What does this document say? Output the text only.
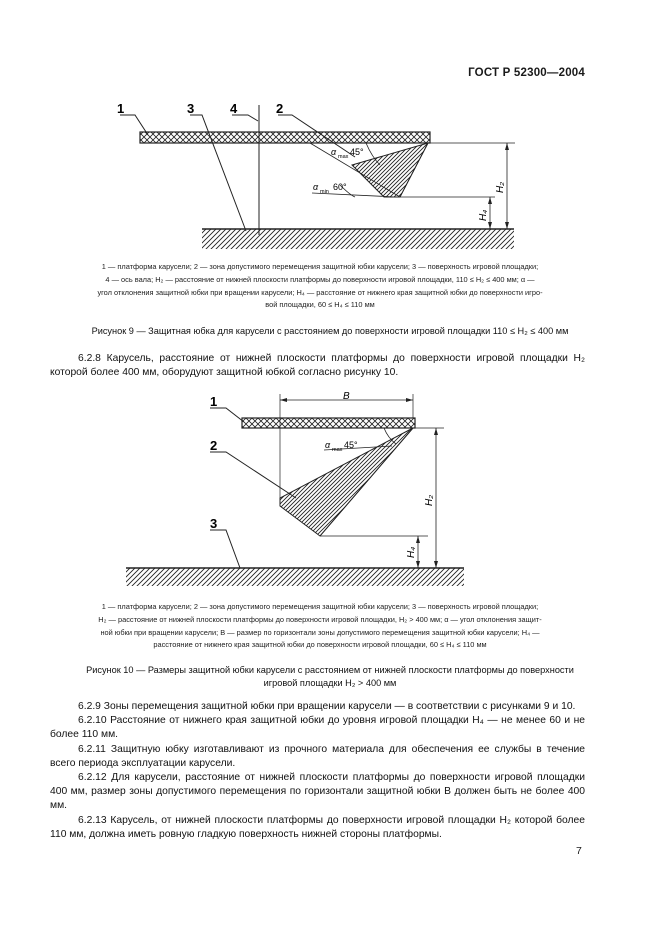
ГОСТ Р 52300—2004
α max 45°
α min 60°	H₂
H₄
1	3	4	2
1 — платформа карусели; 2 — зона допустимого перемещения защитной юбки карусели; 3 — поверхность игровой площадки;
4 — ось вала; H₂ — расстояние от нижней плоскости платформы до поверхности игровой площадки, 110 ≤ H₂ ≤ 400 мм; α —
угол отклонения защитной юбки при вращении карусели; H₄ — расстояние от нижнего края защитной юбки до поверхности игро-
вой площадки, 60 ≤ H₄ ≤ 110 мм
Рисунок 9 — Защитная юбка для карусели с расстоянием до поверхности игровой площадки 110 ≤ H₂ ≤ 400 мм

6.2.8 Карусель, расстояние от нижней плоскости платформы до поверхности игровой площадки H₂ которой более 400 мм, оборудуют защитной юбкой согласно рисунку 10.

B
α max 45°
H₂
H₄
1
2
3
1 — платформа карусели; 2 — зона допустимого перемещения защитной юбки карусели; 3 — поверхность игровой площадки;
H₂ — расстояние от нижней плоскости платформы до поверхности игровой площадки, H₂ > 400 мм; α — угол отклонения защит-
ной юбки при вращении карусели; B — размер по горизонтали зоны допустимого перемещения защитной юбки карусели; H₄ —
расстояние от нижнего края защитной юбки до поверхности игровой площадки, 60 ≤ H₄ ≤ 110 мм
Рисунок 10 — Размеры защитной юбки карусели с расстоянием от нижней плоскости платформы до поверхности
игровой площадки H₂ > 400 мм

6.2.9 Зоны перемещения защитной юбки при вращении карусели — в соответствии с рисунками 9 и 10.

6.2.10 Расстояние от нижнего края защитной юбки до уровня игровой площадки H₄ — не менее 60 и не более 110 мм.

6.2.11 Защитную юбку изготавливают из прочного материала для обеспечения ее службы в течение всего периода эксплуатации карусели.

6.2.12 Для карусели, расстояние от нижней плоскости платформы до поверхности игровой площадки 400 мм, размер зоны допустимого перемещения по горизонтали защитной юбки B должен быть не более 400 мм.

6.2.13 Карусель, от нижней плоскости платформы до поверхности игровой площадки H₂ которой более 110 мм, должна иметь ровную гладкую поверхность нижней стороны платформы.

7
